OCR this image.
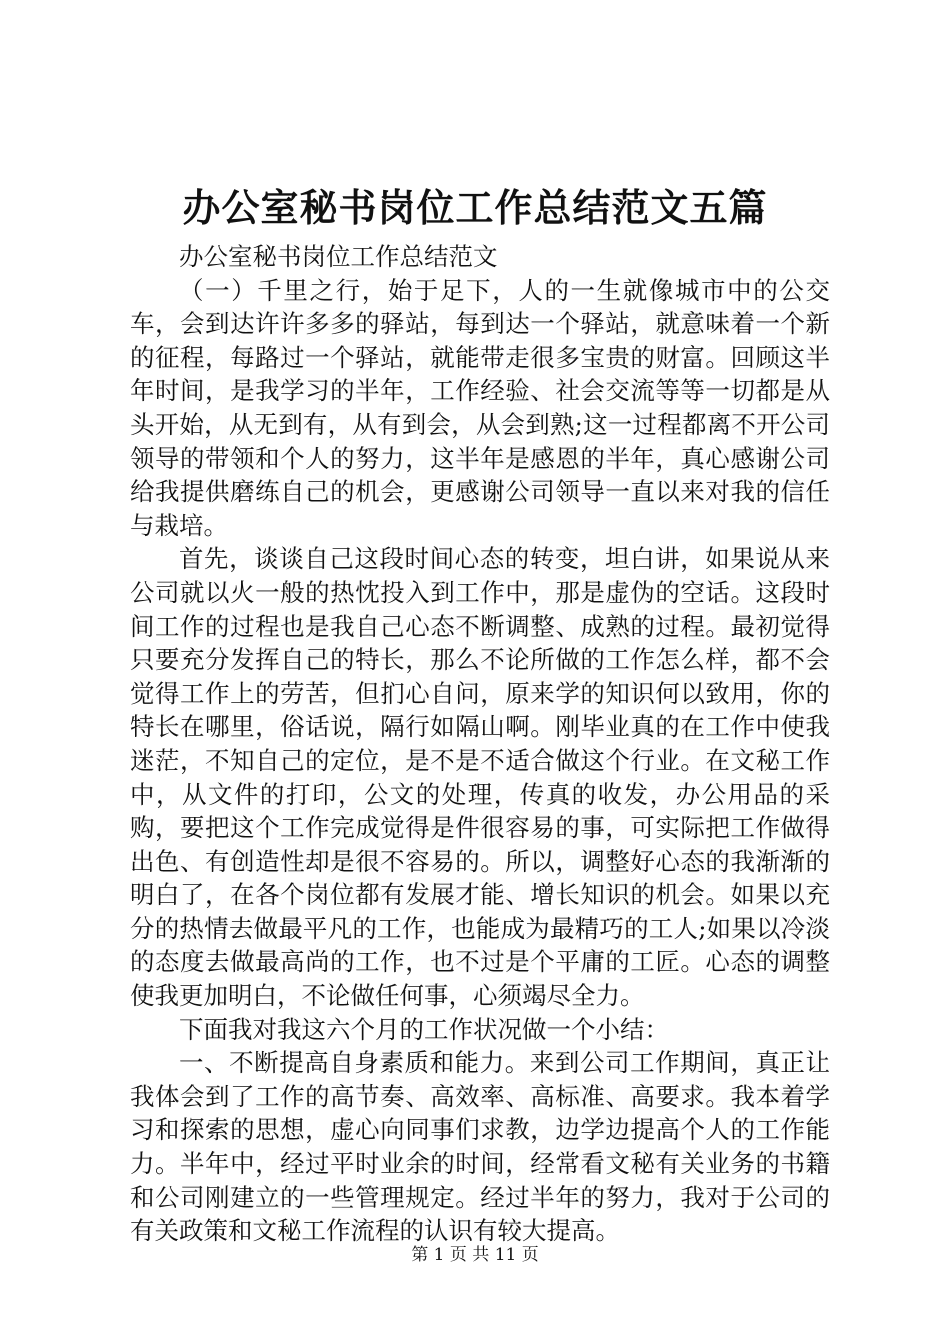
办公室秘书岗位工作总结范文五篇

办公室秘书岗位工作总结范文

（一）千里之行，始于足下，人的一生就像城市中的公交车，会到达许许多多的驿站，每到达一个驿站，就意味着一个新的征程，每路过一个驿站，就能带走很多宝贵的财富。回顾这半年时间，是我学习的半年，工作经验、社会交流等等一切都是从头开始，从无到有，从有到会，从会到熟;这一过程都离不开公司领导的带领和个人的努力，这半年是感恩的半年，真心感谢公司给我提供磨练自己的机会，更感谢公司领导一直以来对我的信任与栽培。

首先，谈谈自己这段时间心态的转变，坦白讲，如果说从来公司就以火一般的热忱投入到工作中，那是虚伪的空话。这段时间工作的过程也是我自己心态不断调整、成熟的过程。最初觉得只要充分发挥自己的特长，那么不论所做的工作怎么样，都不会觉得工作上的劳苦，但扪心自问，原来学的知识何以致用，你的特长在哪里，俗话说，隔行如隔山啊。刚毕业真的在工作中使我迷茫，不知自己的定位，是不是不适合做这个行业。在文秘工作中，从文件的打印，公文的处理，传真的收发，办公用品的采购，要把这个工作完成觉得是件很容易的事，可实际把工作做得出色、有创造性却是很不容易的。所以，调整好心态的我渐渐的明白了，在各个岗位都有发展才能、增长知识的机会。如果以充分的热情去做最平凡的工作，也能成为最精巧的工人;如果以冷淡的态度去做最高尚的工作，也不过是个平庸的工匠。心态的调整使我更加明白，不论做任何事，心须竭尽全力。

下面我对我这六个月的工作状况做一个小结：

一、不断提高自身素质和能力。来到公司工作期间，真正让我体会到了工作的高节奏、高效率、高标准、高要求。我本着学习和探索的思想，虚心向同事们求教，边学边提高个人的工作能力。半年中，经过平时业余的时间，经常看文秘有关业务的书籍和公司刚建立的一些管理规定。经过半年的努力，我对于公司的有关政策和文秘工作流程的认识有较大提高。

第 1 页 共 11 页
